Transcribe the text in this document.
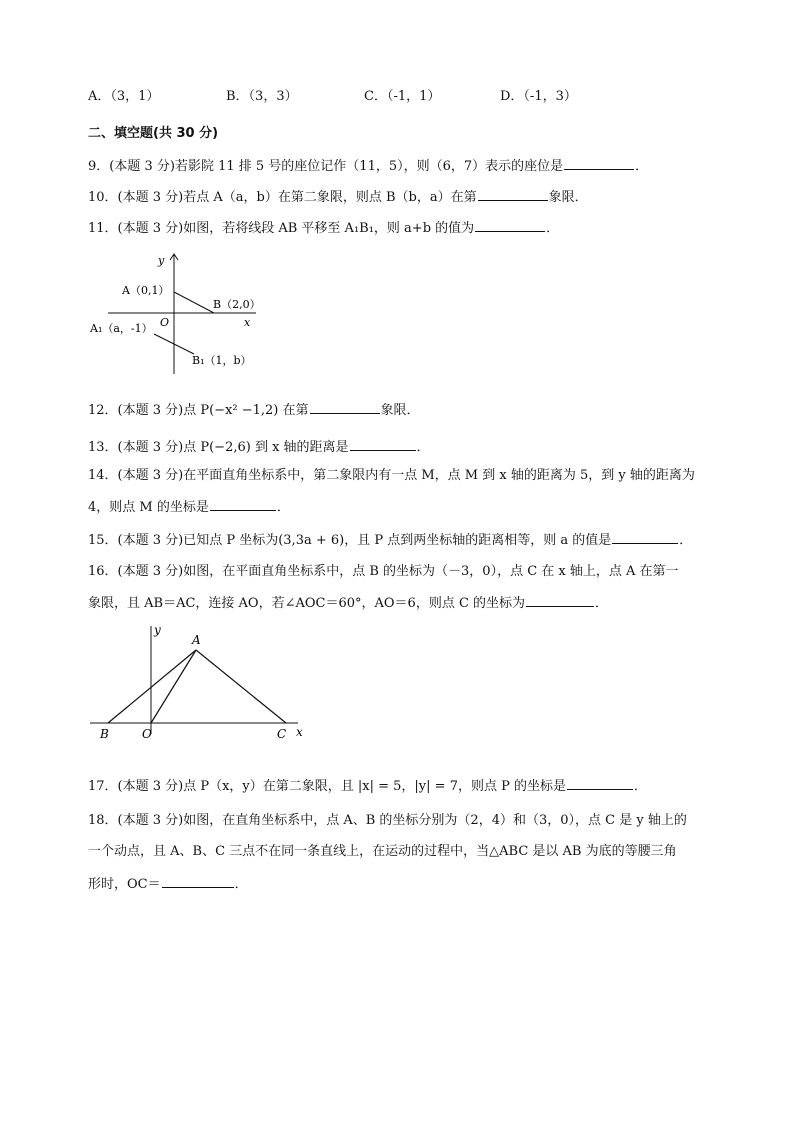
A．（3，1）	B．（3，3）	C．（-1，1）	D．（-1，3）
二、填空题(共 30 分)
9．(本题 3 分)若影院 11 排 5 号的座位记作（11，5），则（6，7）表示的座位是	．
10．(本题 3 分)若点 A（a，b）在第二象限，则点 B（b，a）在第	象限．
11．(本题 3 分)如图，若将线段 AB 平移至 A₁B₁，则 a+b 的值为	．
y
x
O
A（0,1）
B（2,0）
A₁（a，-1）
B₁（1，b）
12．(本题 3 分)点 P(−x² −1,2) 在第	象限．
13．(本题 3 分)点 P(−2,6) 到 x 轴的距离是	．
14．(本题 3 分)在平面直角坐标系中，第二象限内有一点 M，点 M 到 x 轴的距离为 5，到 y 轴的距离为
4，则点 M 的坐标是	．
15．(本题 3 分)已知点 P 坐标为(3,3a + 6)，且 P 点到两坐标轴的距离相等，则 a 的值是	．
16．(本题 3 分)如图，在平面直角坐标系中，点 B 的坐标为（－3，0），点 C 在 x 轴上，点 A 在第一
象限，且 AB＝AC，连接 AO，若∠AOC＝60°，AO＝6，则点 C 的坐标为	．
y
A
B	O	C x
17．(本题 3 分)点 P（x，y）在第二象限，且 |x| = 5，|y| = 7，则点 P 的坐标是	．
18．(本题 3 分)如图，在直角坐标系中，点 A、B 的坐标分别为（2，4）和（3，0），点 C 是 y 轴上的
一个动点，且 A、B、C 三点不在同一条直线上，在运动的过程中，当△ABC 是以 AB 为底的等腰三角
形时，OC＝	．
